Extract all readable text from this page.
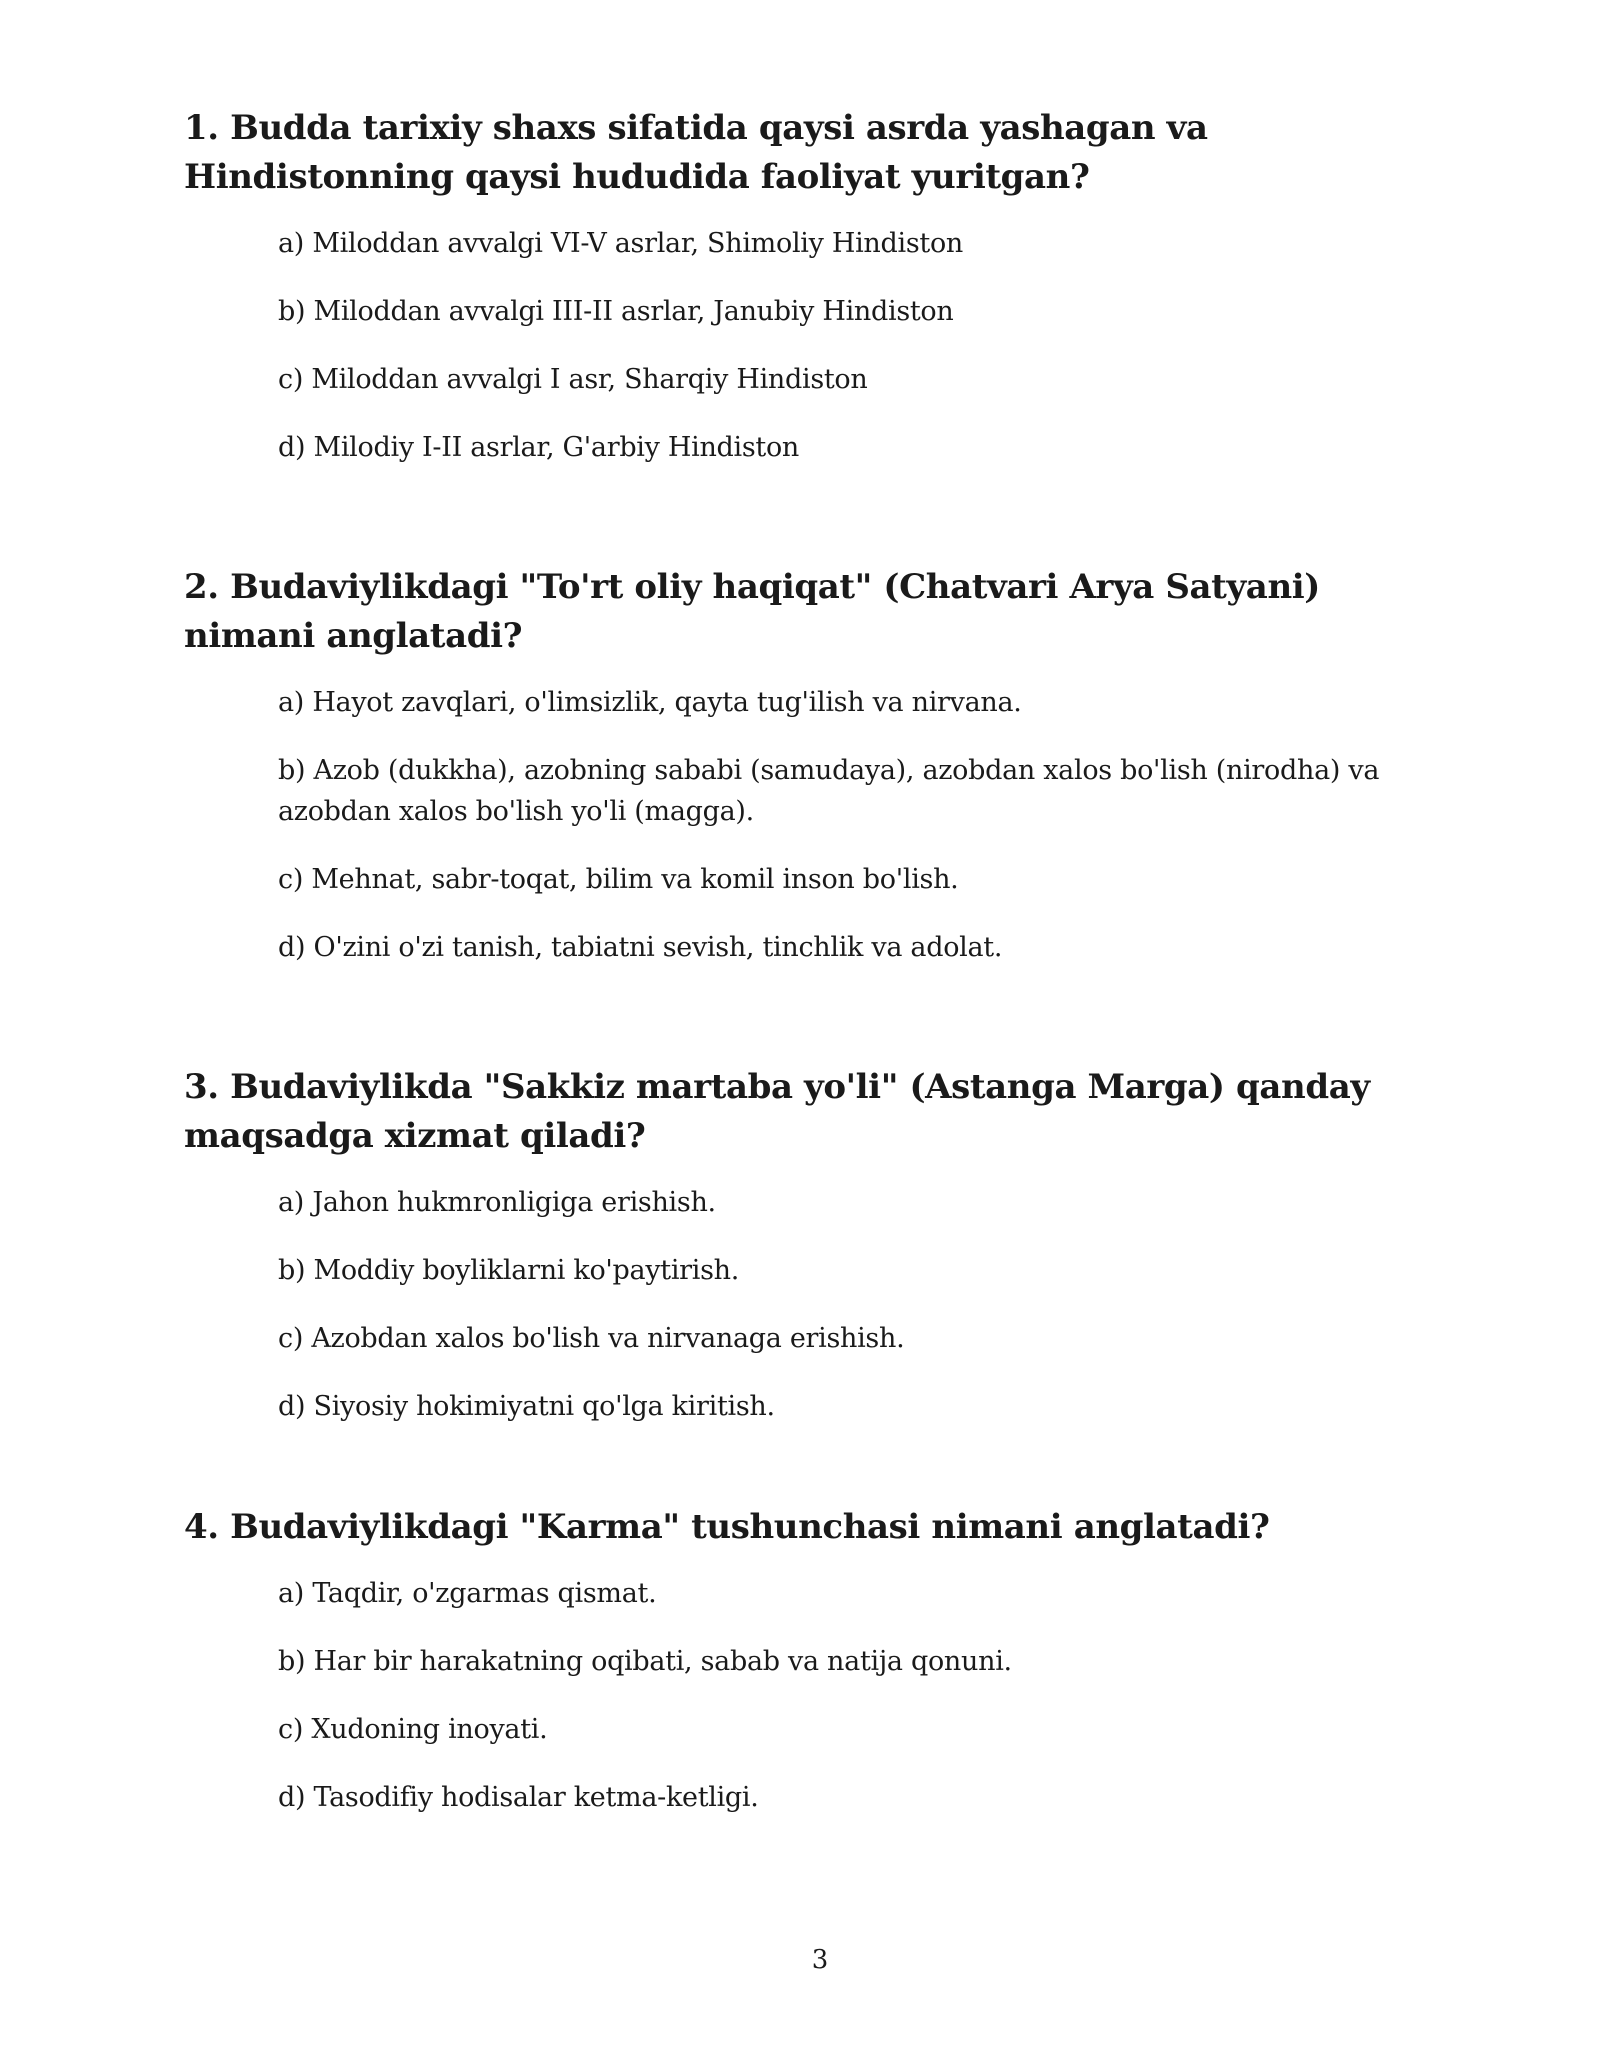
1. Budda tarixiy shaxs sifatida qaysi asrda yashagan va Hindistonning qaysi hududida faoliyat yuritgan?
a) Miloddan avvalgi VI-V asrlar, Shimoliy Hindiston
b) Miloddan avvalgi III-II asrlar, Janubiy Hindiston
c) Miloddan avvalgi I asr, Sharqiy Hindiston
d) Milodiy I-II asrlar, G'arbiy Hindiston
2. Budaviylikdagi "To'rt oliy haqiqat" (Chatvari Arya Satyani) nimani anglatadi?
a) Hayot zavqlari, o'limsizlik, qayta tug'ilish va nirvana.
b) Azob (dukkha), azobning sababi (samudaya), azobdan xalos bo'lish (nirodha) va azobdan xalos bo'lish yo'li (magga).
c) Mehnat, sabr-toqat, bilim va komil inson bo'lish.
d) O'zini o'zi tanish, tabiatni sevish, tinchlik va adolat.
3. Budaviylikda "Sakkiz martaba yo'li" (Astanga Marga) qanday maqsadga xizmat qiladi?
a) Jahon hukmronligiga erishish.
b) Moddiy boyliklarni ko'paytirish.
c) Azobdan xalos bo'lish va nirvanaga erishish.
d) Siyosiy hokimiyatni qo'lga kiritish.
4. Budaviylikdagi "Karma" tushunchasi nimani anglatadi?
a) Taqdir, o'zgarmas qismat.
b) Har bir harakatning oqibati, sabab va natija qonuni.
c) Xudoning inoyati.
d) Tasodifiy hodisalar ketma-ketligi.
3
